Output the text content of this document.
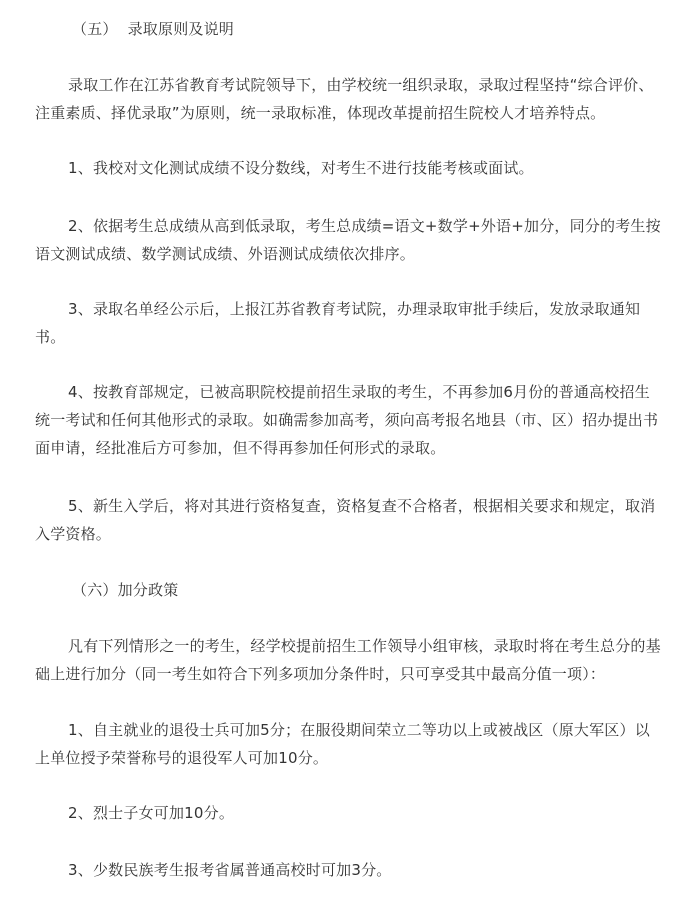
（五） 录取原则及说明

录取工作在江苏省教育考试院领导下，由学校统一组织录取，录取过程坚持“综合评价、注重素质、择优录取”为原则，统一录取标准，体现改革提前招生院校人才培养特点。

1、我校对文化测试成绩不设分数线，对考生不进行技能考核或面试。

2、依据考生总成绩从高到低录取，考生总成绩=语文+数学+外语+加分，同分的考生按语文测试成绩、数学测试成绩、外语测试成绩依次排序。

3、录取名单经公示后，上报江苏省教育考试院，办理录取审批手续后，发放录取通知书。

4、按教育部规定，已被高职院校提前招生录取的考生，不再参加6月份的普通高校招生统一考试和任何其他形式的录取。如确需参加高考，须向高考报名地县（市、区）招办提出书面申请，经批准后方可参加，但不得再参加任何形式的录取。

5、新生入学后，将对其进行资格复查，资格复查不合格者，根据相关要求和规定，取消入学资格。

（六）加分政策

凡有下列情形之一的考生，经学校提前招生工作领导小组审核，录取时将在考生总分的基础上进行加分（同一考生如符合下列多项加分条件时，只可享受其中最高分值一项）：

1、自主就业的退役士兵可加5分；在服役期间荣立二等功以上或被战区（原大军区）以上单位授予荣誉称号的退役军人可加10分。

2、烈士子女可加10分。

3、少数民族考生报考省属普通高校时可加3分。
